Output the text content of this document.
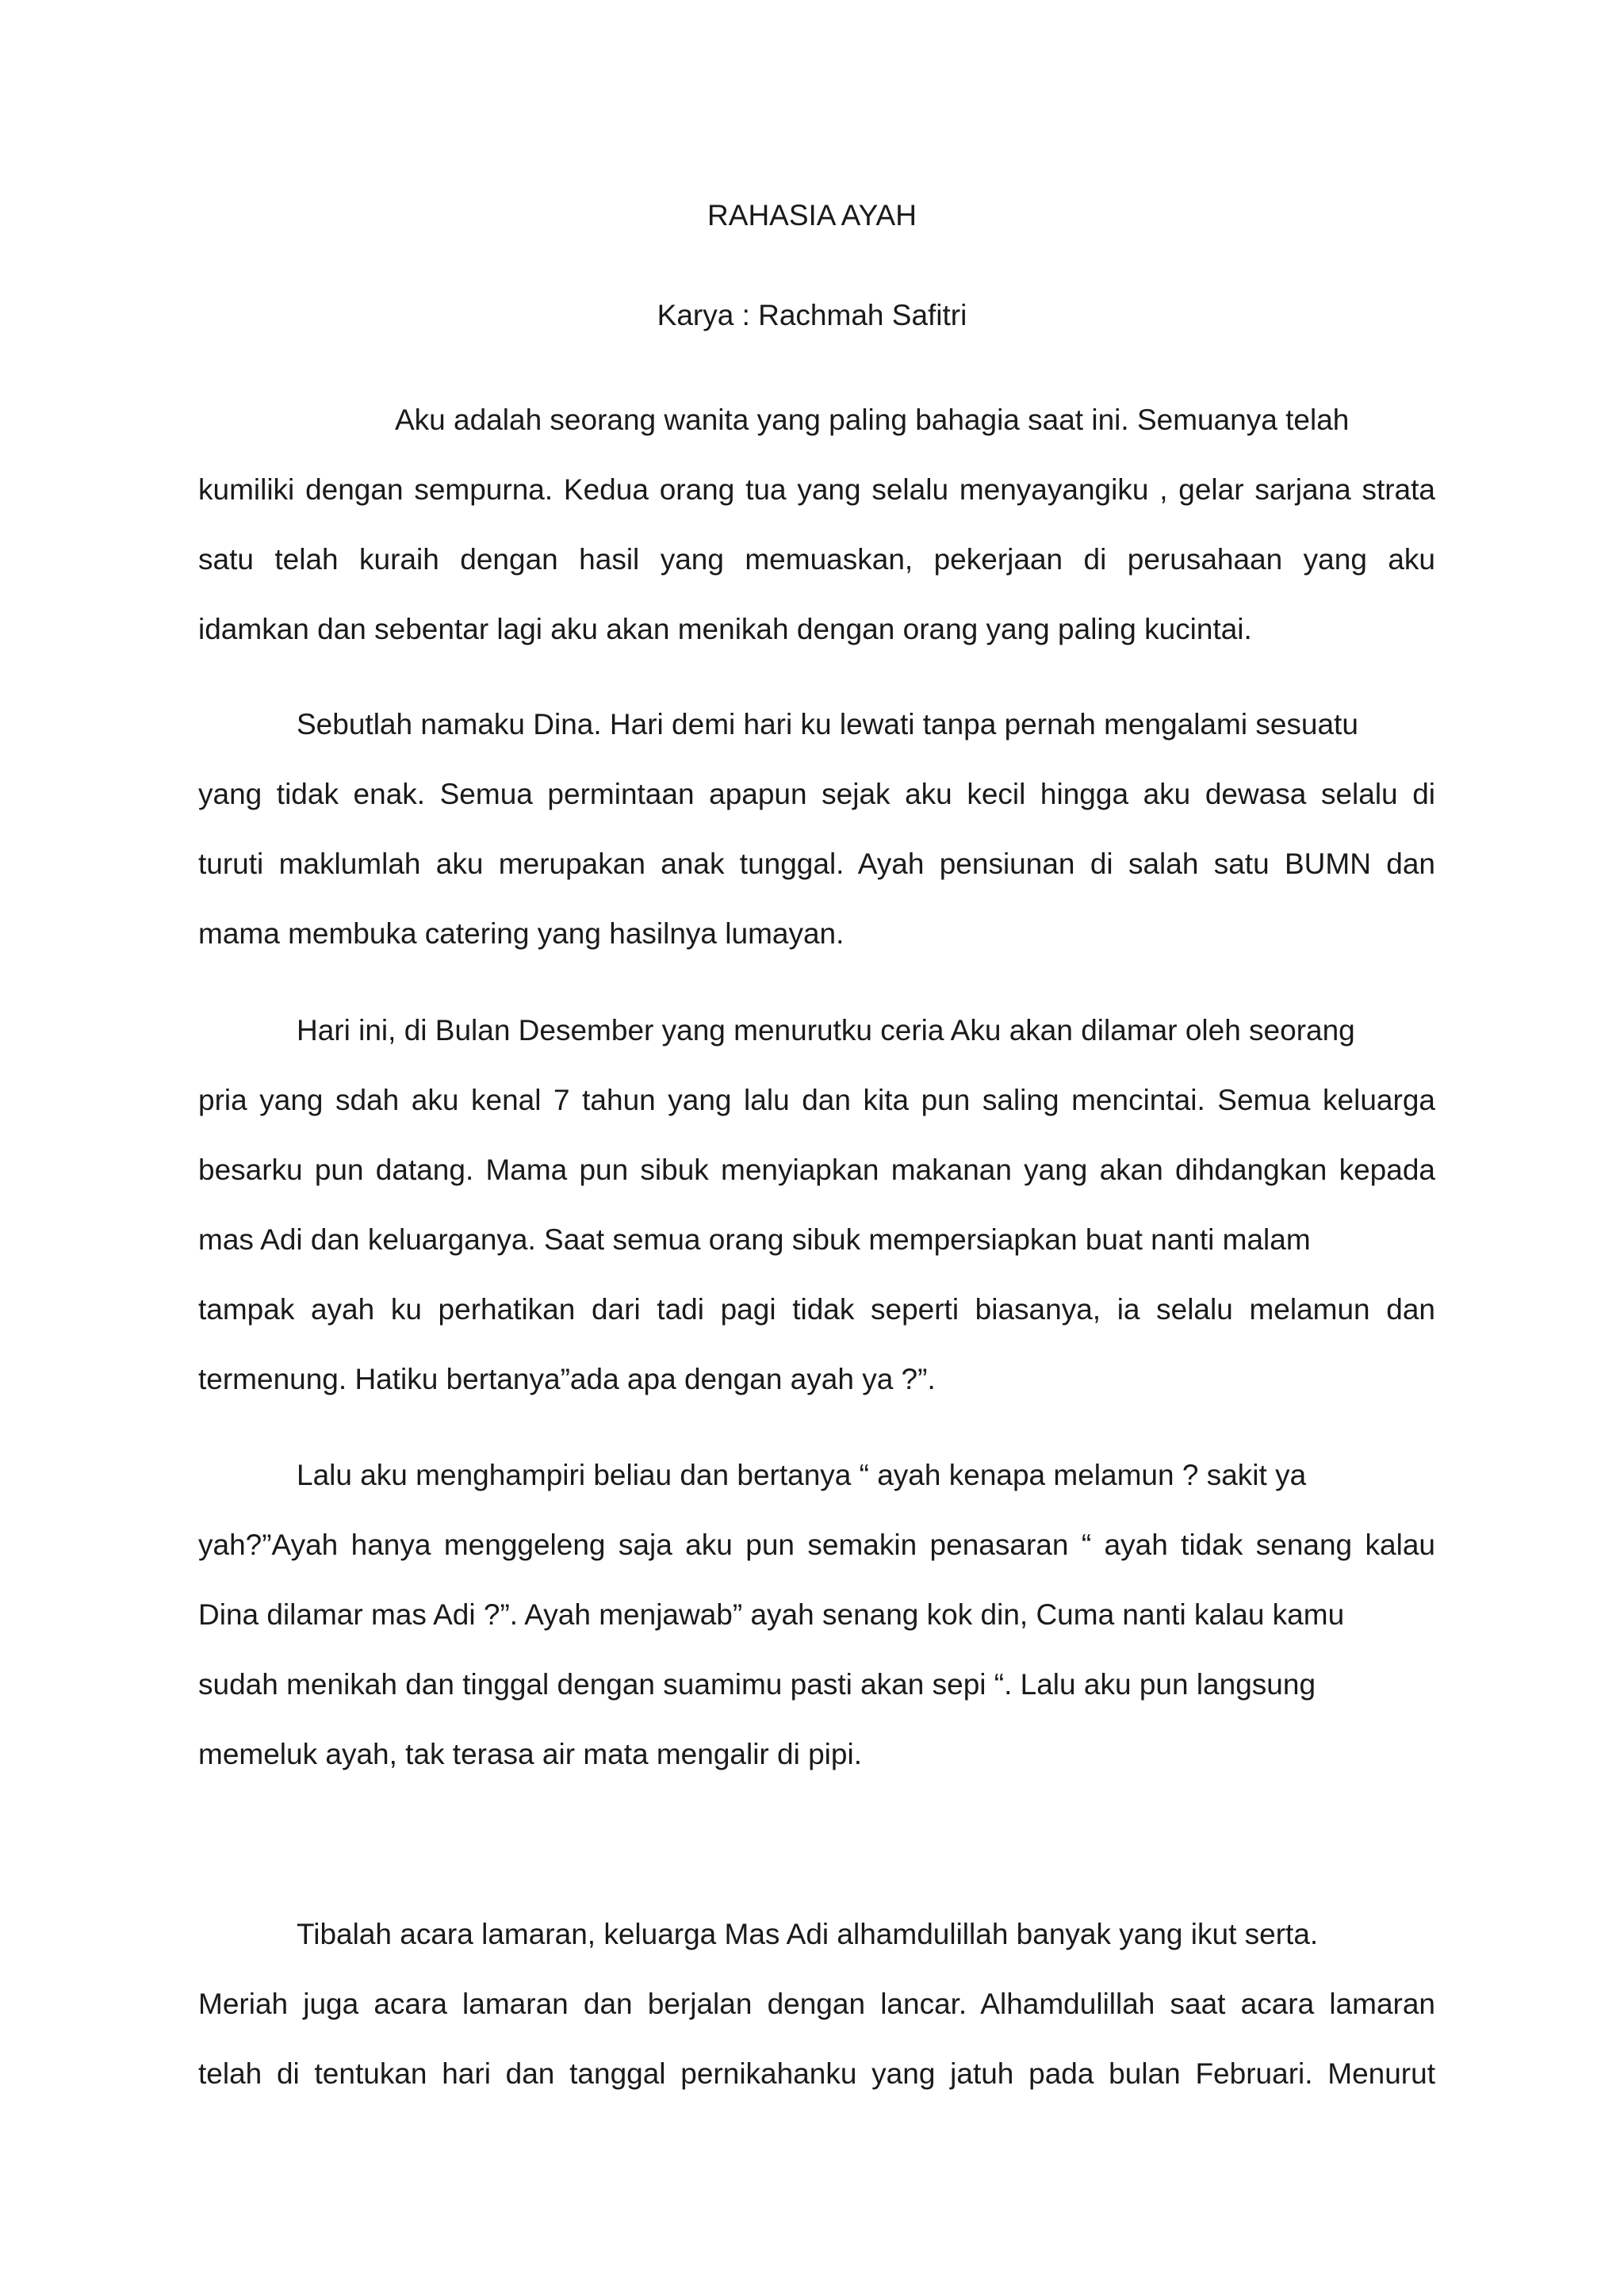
RAHASIA AYAH

Karya : Rachmah Safitri

Aku adalah seorang wanita yang paling bahagia saat ini. Semuanya telah
kumiliki dengan sempurna. Kedua orang tua yang selalu menyayangiku , gelar sarjana strata
satu telah kuraih dengan hasil yang memuaskan, pekerjaan di perusahaan yang aku
idamkan dan sebentar lagi aku akan menikah dengan orang yang paling kucintai.
Sebutlah namaku Dina. Hari demi hari ku lewati tanpa pernah mengalami sesuatu
yang tidak enak. Semua permintaan apapun sejak aku kecil hingga aku dewasa selalu di
turuti maklumlah aku merupakan anak tunggal. Ayah pensiunan di salah satu BUMN dan
mama membuka catering yang hasilnya lumayan.
Hari ini, di Bulan Desember yang menurutku ceria Aku akan dilamar oleh seorang
pria yang sdah aku kenal 7 tahun yang lalu dan kita pun saling mencintai. Semua keluarga
besarku pun datang. Mama pun sibuk menyiapkan makanan yang akan dihdangkan kepada
mas Adi dan keluarganya. Saat semua orang sibuk mempersiapkan buat nanti malam
tampak ayah ku perhatikan dari tadi pagi tidak seperti biasanya, ia selalu melamun dan
termenung. Hatiku bertanya”ada apa dengan ayah ya ?”.
Lalu aku menghampiri beliau dan bertanya “ ayah kenapa melamun ? sakit ya
yah?”Ayah hanya menggeleng saja aku pun semakin penasaran “ ayah tidak senang kalau
Dina dilamar mas Adi ?”. Ayah menjawab” ayah senang kok din, Cuma nanti kalau kamu
sudah menikah dan tinggal dengan suamimu pasti akan sepi “. Lalu aku pun langsung
memeluk ayah, tak terasa air mata mengalir di pipi.
Tibalah acara lamaran, keluarga Mas Adi alhamdulillah banyak yang ikut serta.
Meriah juga acara lamaran dan berjalan dengan lancar. Alhamdulillah saat acara lamaran
telah di tentukan hari dan tanggal pernikahanku yang jatuh pada bulan Februari. Menurut
